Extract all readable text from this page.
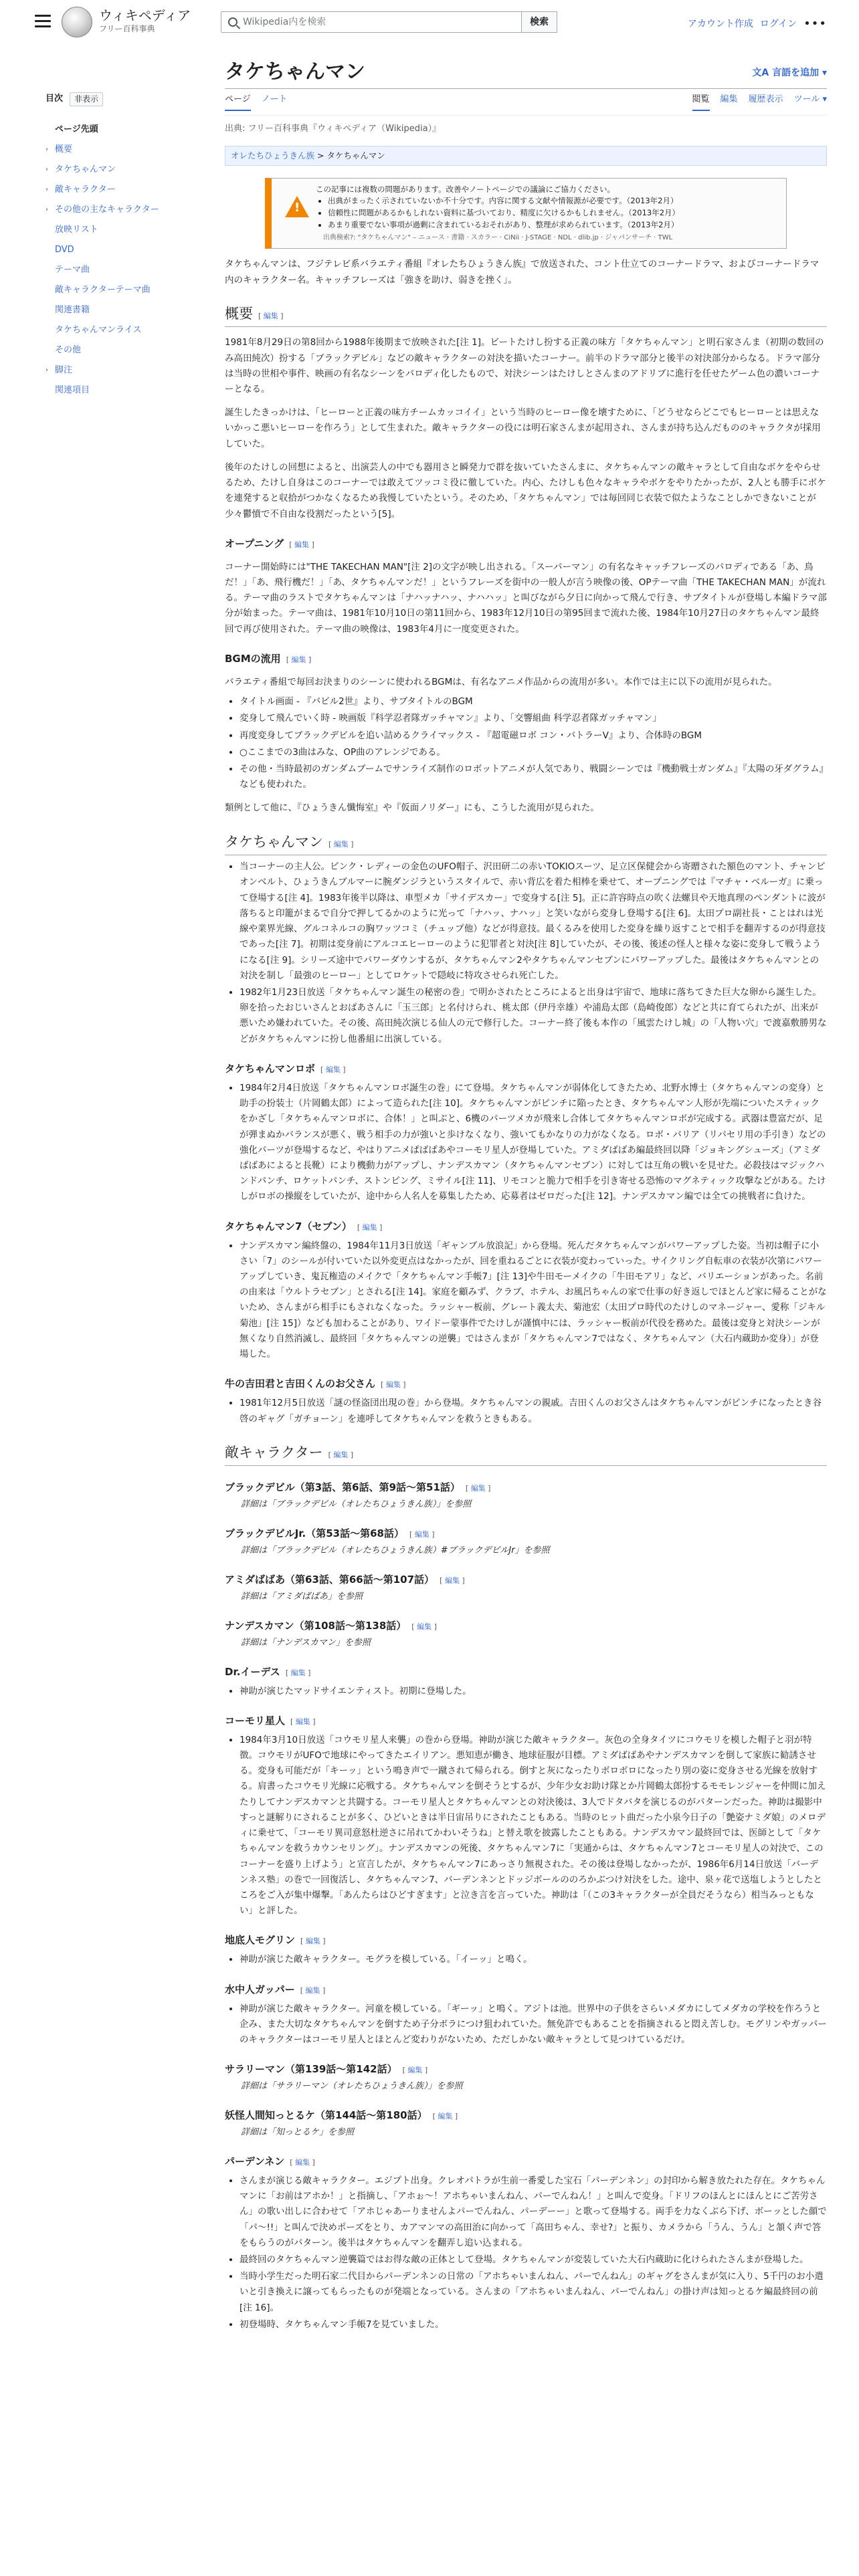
ウィキペディア
フリー百科事典
Wikipedia内を検索	検索	アカウント作成 ログイン •••
目次	非表示
ページ先頭
› 概要
› タケちゃんマン
› 敵キャラクター
› その他の主なキャラクター
放映リスト
DVD
テーマ曲
敵キャラクターテーマ曲
関連書籍
タケちゃんマンライス
その他
› 脚注
関連項目
タケちゃんマン	文A 言語を追加 ▾
ページ ノート	閲覧 編集 履歴表示 ツール ▾
出典: フリー百科事典『ウィキペディア（Wikipedia）』
オレたちひょうきん族 > タケちゃんマン
!
この記事には複数の問題があります。改善やノートページでの議論にご協力ください。
• 出典がまったく示されていないか不十分です。内容に関する文献や情報源が必要です。（2013年2月）
• 信頼性に問題があるかもしれない資料に基づいており、精度に欠けるかもしれません。（2013年2月）
• あまり重要でない事項が過剰に含まれているおそれがあり、整理が求められています。（2013年2月）
出典検索?: "タケちゃんマン" – ニュース · 書籍 · スカラー · CiNii · J-STAGE · NDL · dlib.jp · ジャパンサーチ · TWL

タケちゃんマンは、フジテレビ系バラエティ番組『オレたちひょうきん族』で放送された、コント仕立てのコーナードラマ、およびコーナードラマ内のキャラクター名。キャッチフレーズは「強きを助け、弱きを挫く」。

概要 [ 編集 ]

1981年8月29日の第8回から1988年後期まで放映された[注 1]。ビートたけし扮する正義の味方「タケちゃんマン」と明石家さんま（初期の数回のみ高田純次）扮する「ブラックデビル」などの敵キャラクターの対決を描いたコーナー。前半のドラマ部分と後半の対決部分からなる。ドラマ部分は当時の世相や事件、映画の有名なシーンをパロディ化したもので、対決シーンはたけしとさんまのアドリブに進行を任せたゲーム色の濃いコーナーとなる。

誕生したきっかけは、「ヒーローと正義の味方チームカッコイイ」という当時のヒーロー像を壊すために、「どうせならどこでもヒーローとは思えないかっこ悪いヒーローを作ろう」として生まれた。敵キャラクターの役には明石家さんまが起用され、さんまが持ち込んだもののキャラクタが採用していた。

後年のたけしの回想によると、出演芸人の中でも器用さと瞬発力で群を抜いていたさんまに、タケちゃんマンの敵キャラとして自由なボケをやらせるため、たけし自身はこのコーナーでは敢えてツッコミ役に徹していた。内心、たけしも色々なキャラやボケをやりたかったが、2人とも勝手にボケを連発すると収拾がつかなくなるため我慢していたという。そのため、「タケちゃんマン」では毎回同じ衣装で似たようなことしかできないことが少々鬱憤で不自由な役割だったという[5]。

オープニング [ 編集 ]

コーナー開始時には"THE TAKECHAN MAN"[注 2]の文字が映し出される。「スーパーマン」の有名なキャッチフレーズのパロディである「あ、鳥だ！」「あ、飛行機だ！」「あ、タケちゃんマンだ！」というフレーズを街中の一般人が言う映像の後、OPテーマ曲「THE TAKECHAN MAN」が流れる。テーマ曲のラストでタケちゃんマンは「ナハッナハッ、ナハハッ」と叫びながら夕日に向かって飛んで行き、サブタイトルが登場し本編ドラマ部分が始まった。テーマ曲は、1981年10月10日の第11回から、1983年12月10日の第95回まで流れた後、1984年10月27日のタケちゃんマン最終回で再び使用された。テーマ曲の映像は、1983年4月に一度変更された。

BGMの流用 [ 編集 ]

バラエティ番組で毎回お決まりのシーンに使われるBGMは、有名なアニメ作品からの流用が多い。本作では主に以下の流用が見られた。

• タイトル画面 - 『バビル2世』より、サブタイトルのBGM
• 変身して飛んでいく時 - 映画版『科学忍者隊ガッチャマン』より、「交響組曲 科学忍者隊ガッチャマン」
• 再度変身してブラックデビルを追い詰めるクライマックス - 『超電磁ロボ コン・バトラーV』より、合体時のBGM
• ○ここまでの3曲はみな、OP曲のアレンジである。
• その他・当時最初のガンダムブームでサンライズ制作のロボットアニメが人気であり、戦闘シーンでは『機動戦士ガンダム』『太陽の牙ダグラム』なども使われた。

類例として他に、『ひょうきん懺悔室』や『仮面ノリダー』にも、こうした流用が見られた。

タケちゃんマン [ 編集 ]
• 当コーナーの主人公。ピンク・レディーの金色のUFO帽子、沢田研二の赤いTOKIOスーツ、足立区保健会から寄贈された額色のマント、チャンピオンベルト、ひょうきんブルマーに腕ダンジラというスタイルで、赤い背広を着た相棒を乗せて、オープニングでは『マチャ・ベルーガ』に乗って登場する[注 4]。1983年後半以降は、車型メカ「サイデスカー」で変身する[注 5]。正に許容時点の吹く法螺貝や天地真理のペンダントに波が落ちると印籠がまるで自分で押してるかのように光って「ナハッ、ナハッ」と笑いながら変身し登場する[注 6]。太田プロ副社長・ことはれは光線や業界光線、グルコネルコの胸ワッツコミ（チュップ他）などが得意技。最くるみを使用した変身を繰り返すことで相手を翻弄するのが得意技であった[注 7]。初期は変身前にアルコエヒーローのように犯罪者と対決[注 8]していたが、その後、後述の怪人と様々な姿に変身して戦うようになる[注 9]。シリーズ途中でパワーダウンするが、タケちゃんマン2やタケちゃんマンセブンにパワーアップした。最後はタケちゃんマンとの対決を制し「最強のヒーロー」としてロケットで隠岐に特攻させられ死亡した。
• 1982年1月23日放送「タケちゃんマン誕生の秘密の巻」で明かされたところによると出身は宇宙で、地球に落ちてきた巨大な卵から誕生した。卵を拾ったおじいさんとおばあさんに「玉三郎」と名付けられ、桃太郎（伊丹幸雄）や浦島太郎（島崎俊郎）などと共に育てられたが、出来が悪いため嫌われていた。その後、高田純次演じる仙人の元で修行した。コーナー終了後も本作の「風雲たけし城」の「人物い穴」で渡嘉敷勝男などがタケちゃんマンに扮し他番組に出演している。
タケちゃんマンロボ [ 編集 ]
• 1984年2月4日放送「タケちゃんマンロボ誕生の巻」にて登場。タケちゃんマンが弱体化してきたため、北野水博士（タケちゃんマンの変身）と助手の扮装士（片岡鶴太郎）によって造られた[注 10]。タケちゃんマンがピンチに陥ったとき、タケちゃんマン人形が先端についたスティックをかざし「タケちゃんマンロボに、合体！」と叫ぶと、6機のパーツメカが飛来し合体してタケちゃんマンロボが完成する。武器は豊富だが、足が弾まぬかバランスが悪く、戦う相手の力が強いと歩けなくなり、強いてもかなりの力がなくなる。ロボ・パリア（リパセリ用の手引き）などの強化パーツが登場するなど、やはりアニメぱばぱあやコーモリ星人が登場していた。アミダばばあ編最終回以降「ジョキングシューズ」（アミダばばあによると長靴）により機動力がアップし、ナンデスカマン（タケちゃんマンセブン）に対しては互角の戦いを見せた。必殺技はマジックハンドパンチ、ロケットパンチ、ストンピング、ミサイル[注 11]、リモコンと脆力で相手を引き寄せる恐怖のマグネティック攻撃などがある。たけしがロボの操縦をしていたが、途中から人名人を募集したため、応募者はゼロだった[注 12]。ナンデスカマン編では全ての挑戦者に負けた。
タケちゃんマン7（セブン） [ 編集 ]
• ナンデスカマン編終盤の、1984年11月3日放送「ギャンブル放浪記」から登場。死んだタケちゃんマンがパワーアップした姿。当初は帽子に小さい「7」のシールが付いていた以外変更点はなかったが、回を重ねるごとに衣装が変わっていった。サイクリング自転車の衣装が次第にパワーアップしていき、鬼瓦権造のメイクで「タケちゃんマン手帳7」[注 13]や牛田モーメイクの「牛田モアリ」など、バリエーションがあった。名前の由来は「ウルトラセブン」とされる[注 14]。家庭を顧みず、クラブ、ホテル、お風呂ちゃんの家で仕事の好き返しでほとんど家に帰ることがないため、さんまがら相手にもされなくなった。ラッシャー板前、グレート義太夫、菊池宏（太田プロ時代のたけしのマネージャー、愛称「ジキル菊池」[注 15]）なども加わることがあり、ワイドー蒙事件でたけしが謹慎中には、ラッシャー板前が代役を務めた。最後は変身と対決シーンが無くなり自然消滅し、最終回「タケちゃんマンの逆襲」ではさんまが「タケちゃんマン7ではなく、タケちゃんマン（大石内蔵助か変身）」が登場した。
牛の吉田君と吉田くんのお父さん [ 編集 ]
• 1981年12月5日放送「謎の怪盗団出現の巻」から登場。タケちゃんマンの親戚。吉田くんのお父さんはタケちゃんマンがピンチになったとき谷啓のギャグ「ガチョーン」を連呼してタケちゃんマンを救うときもある。
敵キャラクター [ 編集 ]
ブラックデビル（第3話、第6話、第9話〜第51話） [ 編集 ]
詳細は「ブラックデビル（オレたちひょうきん族）」を参照
ブラックデビルJr.（第53話〜第68話） [ 編集 ]
詳細は「ブラックデビル（オレたちひょうきん族）#ブラックデビルJr」を参照
アミダばばあ（第63話、第66話〜第107話） [ 編集 ]
詳細は「アミダばばあ」を参照
ナンデスカマン（第108話〜第138話） [ 編集 ]
詳細は「ナンデスカマン」を参照
Dr.イーデス [ 編集 ]
• 神助が演じたマッドサイエンティスト。初期に登場した。
コーモリ星人 [ 編集 ]
• 1984年3月10日放送「コウモリ星人来襲」の巻から登場。神助が演じた敵キャラクター。灰色の全身タイツにコウモリを模した帽子と羽が特徴。コウモリがUFOで地球にやってきたエイリアン。悪知恵が働き、地球征服が目標。アミダばばあやナンデスカマンを倒して家族に勧誘させる。変身も可能だが「キーッ」という鳴き声で一蹴されて帰られる。倒すと灰になったりボロボロになったり別の姿に変身させる光線を放射する。肩書ったコウモリ光線に応戦する。タケちゃんマンを倒そうとするが、少年少女お助け隊とか片岡鶴太郎扮するモモレンジャーを仲間に加えたりしてナンデスカマンと共闘する。コーモリ星人とタケちゃんマンとの対決後は、3人でドタバタを演じるのがパターンだった。神助は撮影中すっと謎解りにされることが多く、ひどいときは半日宙吊りにされたこともある。当時のヒット曲だった小泉今日子の「艶姿ナミダ娘」のメロディに乗せて、「コーモリ異司意怒杜逆さに吊れてかわいそうね」と替え歌を披露したこともある。ナンデスカマン最終回では、医師として「タケちゃんマンを救うカウンセリング」。ナンデスカマンの死後、タケちゃんマン7に「実通からは、タケちゃんマン7とコーモリ星人の対決で、このコーナーを盛り上げよう」と宣言したが、タケちゃんマン7にあっさり無視された。その後は登場しなかったが、1986年6月14日放送「バーデンネス塾」の巻で一回復活し、タケちゃんマン7、バーデンネンとドッジボールののろかぶつけ対決をした。途中、泉ヶ花で送塩しようとしたところをご入が集中爆撃。「あんたらはひどすぎます」と泣き言を言っていた。神助は「（この3キャラクターが全員だそうなら）相当みっともない」と評した。
地底人モグリン [ 編集 ]
• 神助が演じた敵キャラクター。モグラを模している。「イーッ」と鳴く。
水中人ガッパー [ 編集 ]
• 神助が演じた敵キャラクター。河童を模している。「ギーッ」と鳴く。アジトは池。世界中の子供をさらいメダカにしてメダカの学校を作ろうと企み、また大切なタケちゃんマンを倒すため子分ボラにつけ狙われていた。無免許でもあることを指摘されると悶え苦しむ。モグリンやガッパーのキャラクターはコーモリ星人とほとんど変わりがないため、ただしかない敵キャラとして見つけているだけ。
サラリーマン（第139話〜第142話） [ 編集 ]
詳細は「サラリーマン（オレたちひょうきん族）」を参照
妖怪人間知っとるケ（第144話〜第180話） [ 編集 ]
詳細は「知っとるケ」を参照
パーデンネン [ 編集 ]
• さんまが演じる敵キャラクター。エジプト出身。クレオパトラが生前一番愛した宝石「パーデンネン」の封印から解き放たれた存在。タケちゃんマンに「お前はアホか！」と指摘し、「アホぉ〜！アホちゃいまんねん、パーでんねん！」と叫んで変身。「ドリフのほんとにほんとにご苦労さん」の歌い出しに合わせて「アホじゃあーりませんよパーでんねん、パーデーー」と歌って登場する。両手を力なくぶら下げ、ボーッとした顔で「パ〜!!」と叫んで決めポーズをとり、カアマンマの高田治に向かって「高田ちゃん、幸せ?」と振り、カメラから「うん、うん」と頷く声で答をもらうのがパターン。後半はタケちゃんマンを翻弄し追い込まれる。
• 最終回のタケちゃんマン逆襲篇ではお得な敵の正体として登場。タケちゃんマンが変装していた大石内蔵助に化けられたさんまが登場した。
• 当時小学生だった明石家二代目からパーデンネンの日常の「アホちゃいまんねん、パーでんねん」のギャグをさんまが気に入り、5千円のお小遣いと引き換えに譲ってもらったものが発端となっている。さんまの「アホちゃいまんねん、パーでんねん」の掛け声は知っとるケ編最終回の前[注 16]。
• 初登場時、タケちゃんマン手帳7を見ていました。
